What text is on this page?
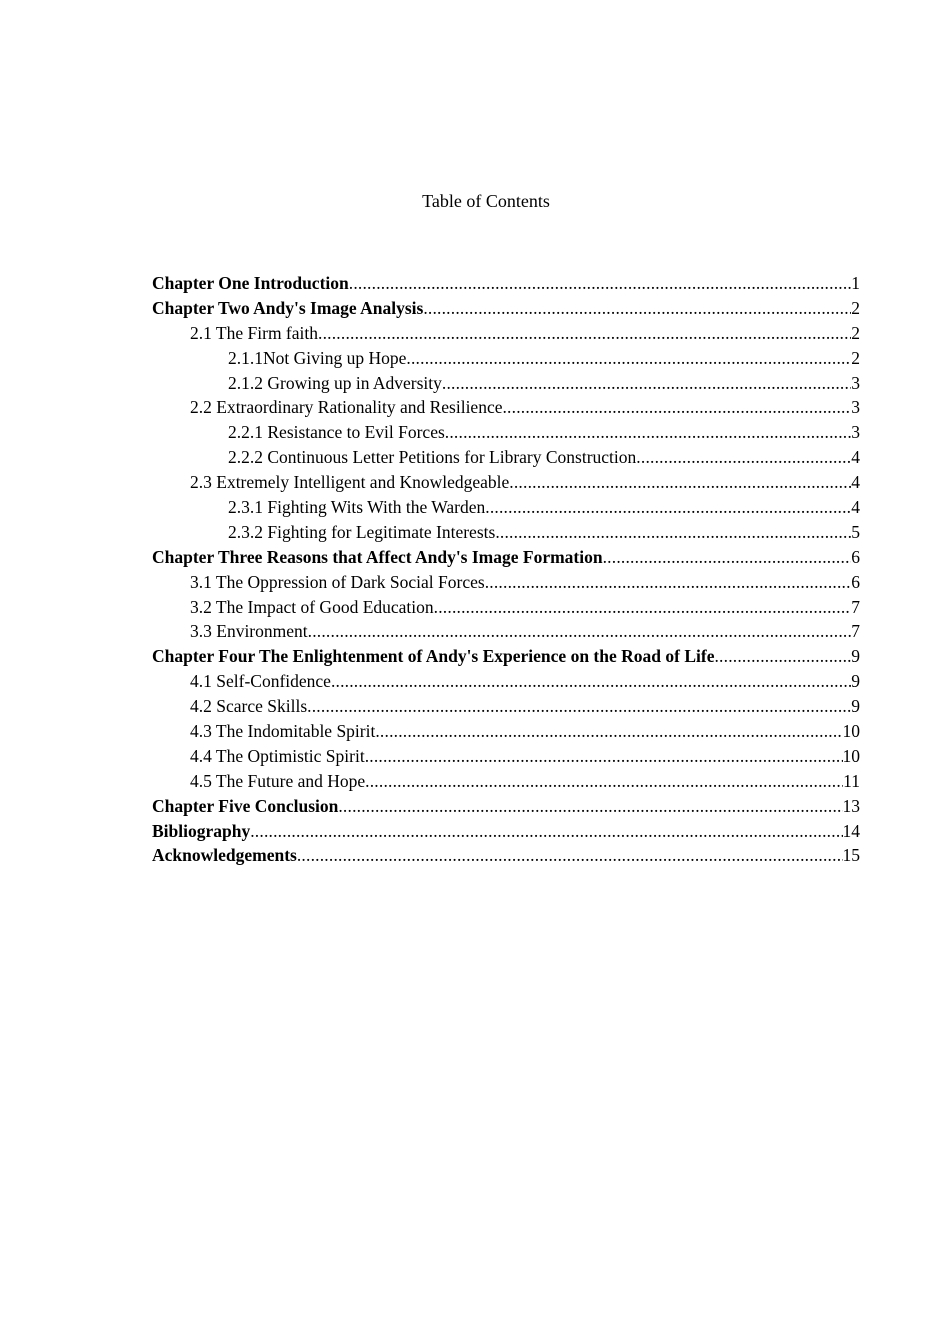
Table of Contents
Chapter One Introduction .....	1
Chapter Two Andy's Image Analysis .....	2
2.1 The Firm faith .....	2
2.1.1Not Giving up Hope .....	2
2.1.2 Growing up in Adversity .....	3
2.2 Extraordinary Rationality and Resilience .....	3
2.2.1 Resistance to Evil Forces .....	3
2.2.2 Continuous Letter Petitions for Library Construction .....	4
2.3 Extremely Intelligent and Knowledgeable .....	4
2.3.1 Fighting Wits With the Warden .....	4
2.3.2 Fighting for Legitimate Interests .....	5
Chapter Three Reasons that Affect Andy's Image Formation .....	6
3.1 The Oppression of Dark Social Forces .....	6
3.2 The Impact of Good Education .....	7
3.3 Environment .....	7
Chapter Four The Enlightenment of Andy's Experience on the Road of Life .....	9
4.1 Self-Confidence .....	9
4.2 Scarce Skills .....	9
4.3 The Indomitable Spirit .....	10
4.4 The Optimistic Spirit .....	10
4.5 The Future and Hope .....	11
Chapter Five Conclusion .....	13
Bibliography .....	14
Acknowledgements .....	15
